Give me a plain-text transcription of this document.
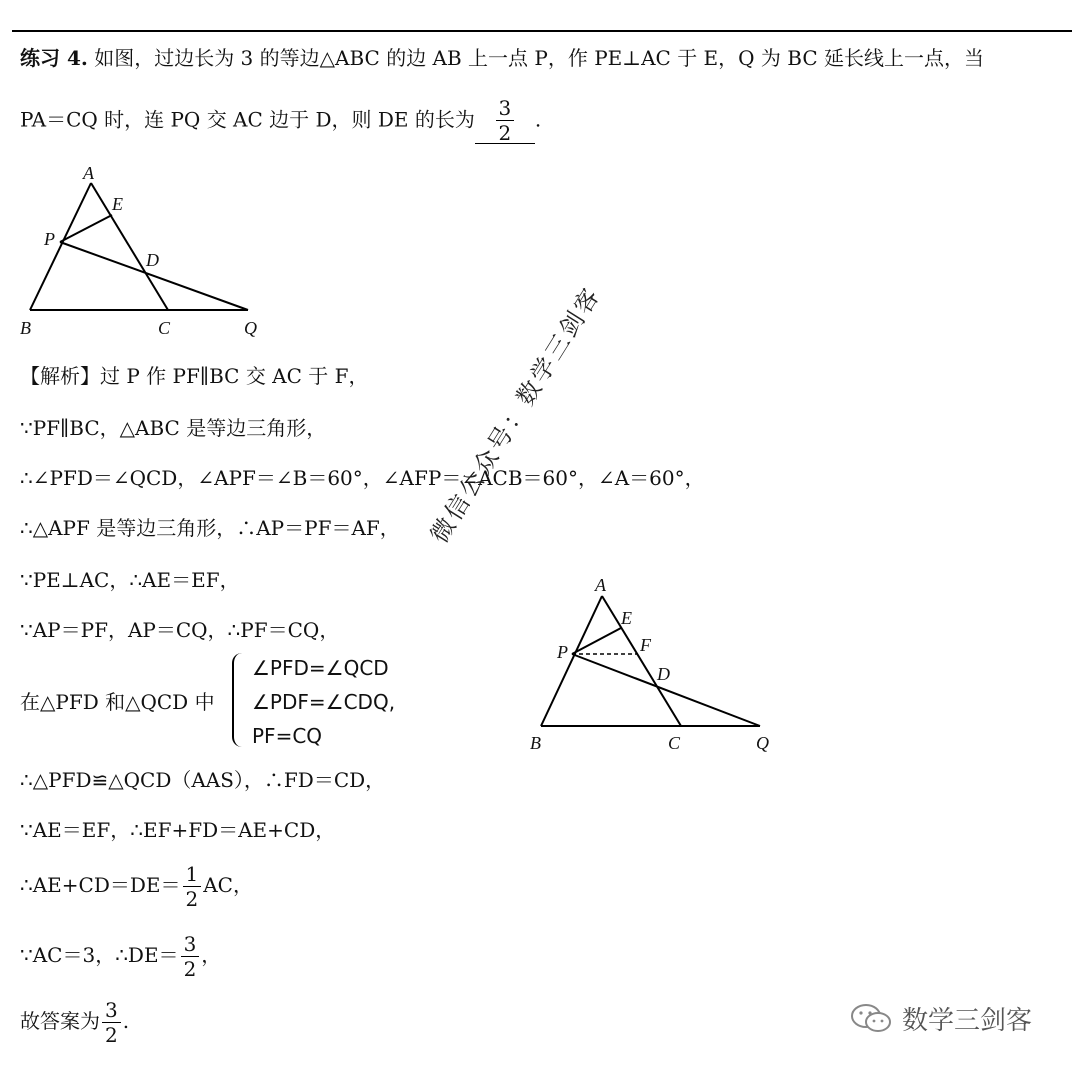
练习 4. 如图，过边长为 3 的等边△ABC 的边 AB 上一点 P，作 PE⊥AC 于 E，Q 为 BC 延长线上一点，当
PA＝CQ 时，连 PQ 交 AC 边于 D，则 DE 的长为 $\frac{3}{2}$ .
A
E
P
D
B	C	Q
A
E
F
P
D
B	C	Q
【解析】过 P 作 PF∥BC 交 AC 于 F，
∵PF∥BC，△ABC 是等边三角形，
∴∠PFD＝∠QCD，∠APF＝∠B＝60°，∠AFP＝∠ACB＝60°，∠A＝60°，
∴△APF 是等边三角形，∴AP＝PF＝AF，
∵PE⊥AC，∴AE＝EF，
∵AP＝PF，AP＝CQ，∴PF＝CQ，
在△PFD 和△QCD 中
∠PFD=∠QCD
∠PDF=∠CDQ,
PF=CQ
∴△PFD≌△QCD（AAS），∴FD＝CD，
∵AE＝EF，∴EF+FD＝AE+CD，
∴AE+CD＝DE＝ $\frac{1}{2}$ AC，
∵AC＝3，∴DE＝ $\frac{3}{2}$ ，
故答案为 $\frac{3}{2}$ .
微信公众号：数学三剑客
数学三剑客
